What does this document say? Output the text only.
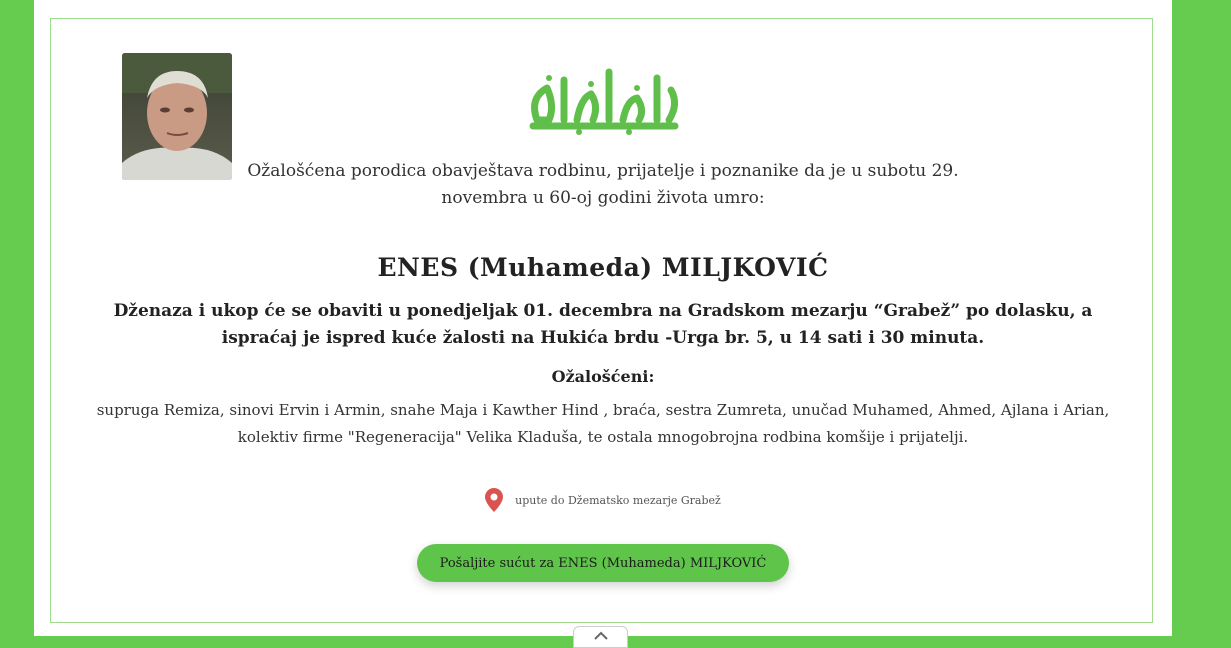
Ožalošćena porodica obavještava rodbinu, prijatelje i poznanike da je u subotu 29.
novembra u 60-oj godini života umro:
ENES (Muhameda) MILJKOVIĆ
Dženaza i ukop će se obaviti u ponedjeljak 01. decembra na Gradskom mezarju “Grabež” po dolasku, a ispraćaj je ispred kuće žalosti na Hukića brdu -Urga br. 5, u 14 sati i 30 minuta.
Ožalošćeni:
supruga Remiza, sinovi Ervin i Armin, snahe Maja i Kawther Hind , braća, sestra Zumreta, unučad Muhamed, Ahmed, Ajlana i Arian, kolektiv firme "Regeneracija" Velika Kladuša, te ostala mnogobrojna rodbina komšije i prijatelji.
upute do Džematsko mezarje Grabež
Pošaljite sućut za ENES (Muhameda) MILJKOVIĆ
